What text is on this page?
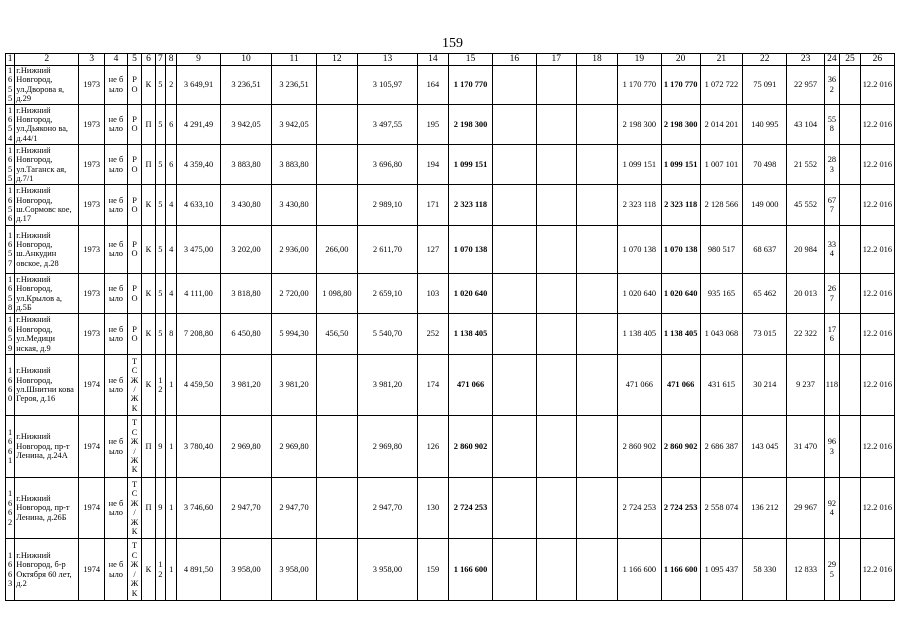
159
1	2	3	4	5	6	7	8	9	10	11	12	13	14	15	16	17	18	19	20	21	22	23	24	25	26
1655	г.Нижний Новгород, ул.Дворова я, д.29	1973	не было	Р О	К	5	2	3 649,91	3 236,51	3 236,51		3 105,97	164	1 170 770				1 170 770	1 170 770	1 072 722	75 091	22 957	362		12.2 016
1654	г.Нижний Новгород, ул.Дьяконо ва, д.44/1	1973	не было	Р О	П	5	6	4 291,49	3 942,05	3 942,05		3 497,55	195	2 198 300				2 198 300	2 198 300	2 014 201	140 995	43 104	558		12.2 016
1655	г.Нижний Новгород, ул.Таганск ая, д.7/1	1973	не было	Р О	П	5	6	4 359,40	3 883,80	3 883,80		3 696,80	194	1 099 151				1 099 151	1 099 151	1 007 101	70 498	21 552	283		12.2 016
1656	г.Нижний Новгород, ш.Сормовс кое, д.17	1973	не было	Р О	К	5	4	4 633,10	3 430,80	3 430,80		2 989,10	171	2 323 118				2 323 118	2 323 118	2 128 566	149 000	45 552	677		12.2 016
1657	г.Нижний Новгород, ш.Анкудин овское, д.28	1973	не было	Р О	К	5	4	3 475,00	3 202,00	2 936,00	266,00	2 611,70	127	1 070 138				1 070 138	1 070 138	980 517	68 637	20 984	334		12.2 016
1658	г.Нижний Новгород, ул.Крылов а, д.5Б	1973	не было	Р О	К	5	4	4 111,00	3 818,80	2 720,00	1 098,80	2 659,10	103	1 020 640				1 020 640	1 020 640	935 165	65 462	20 013	267		12.2 016
1659	г.Нижний Новгород, ул.Медици нская, д.9	1973	не было	Р О	К	5	8	7 208,80	6 450,80	5 994,30	456,50	5 540,70	252	1 138 405				1 138 405	1 138 405	1 043 068	73 015	22 322	176		12.2 016
1660	г.Нижний Новгород, ул.Шнитни кова Героя, д.16	1974	не было	Т С Ж / Ж К	К	12	1	4 459,50	3 981,20	3 981,20		3 981,20	174	471 066				471 066	471 066	431 615	30 214	9 237	118		12.2 016
1661	г.Нижний Новгород, пр-т Ленина, д.24А	1974	не было	Т С Ж / Ж К	П	9	1	3 780,40	2 969,80	2 969,80		2 969,80	126	2 860 902				2 860 902	2 860 902	2 686 387	143 045	31 470	963		12.2 016
1662	г.Нижний Новгород, пр-т Ленина, д.26Б	1974	не было	Т С Ж / Ж К	П	9	1	3 746,60	2 947,70	2 947,70		2 947,70	130	2 724 253				2 724 253	2 724 253	2 558 074	136 212	29 967	924		12.2 016
1663	г.Нижний Новгород, б-р Октября 60 лет, д.2	1974	не было	Т С Ж / Ж К	К	12	1	4 891,50	3 958,00	3 958,00		3 958,00	159	1 166 600				1 166 600	1 166 600	1 095 437	58 330	12 833	295		12.2 016
